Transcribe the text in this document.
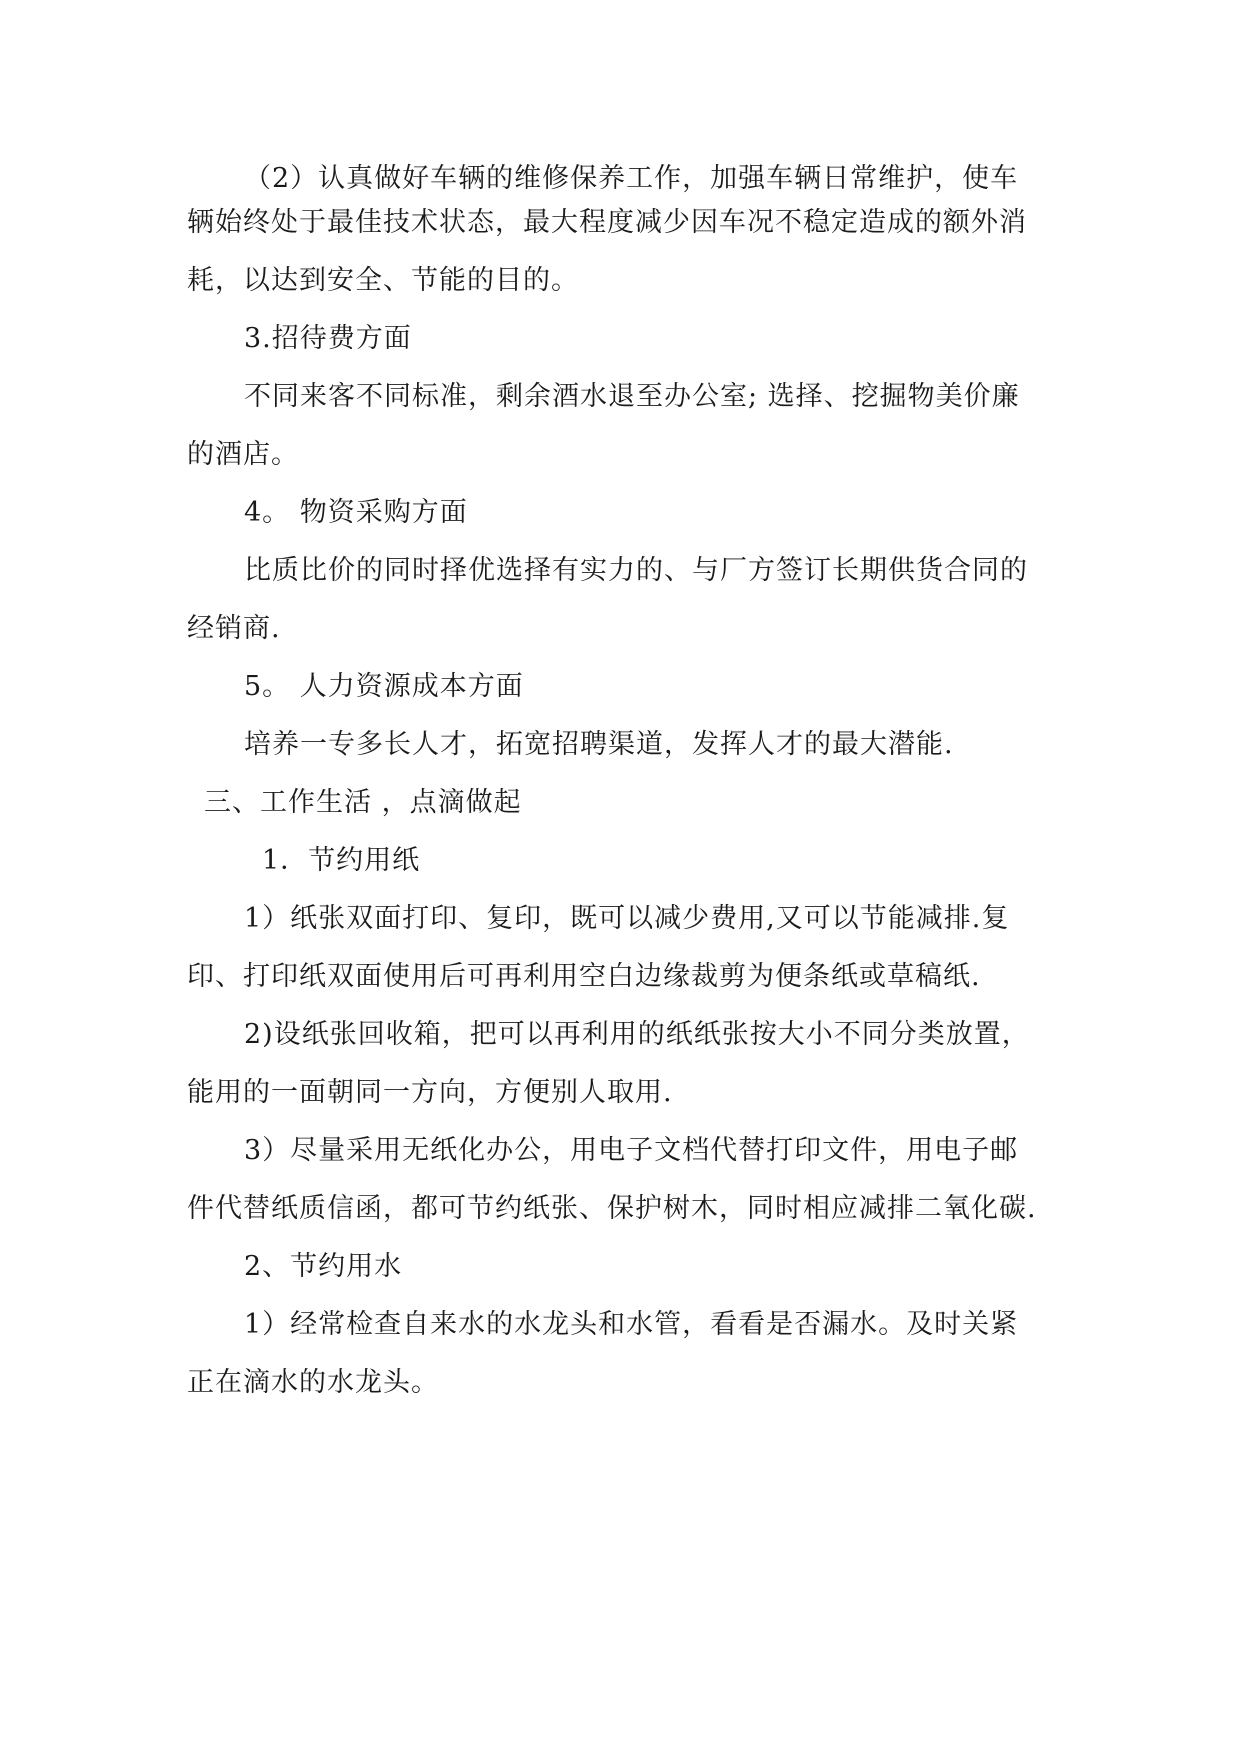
（2）认真做好车辆的维修保养工作，加强车辆日常维护，使车
辆始终处于最佳技术状态，最大程度减少因车况不稳定造成的额外消
耗，以达到安全、节能的目的。
3.招待费方面
不同来客不同标准，剩余酒水退至办公室; 选择、挖掘物美价廉
的酒店。
4。 物资采购方面
比质比价的同时择优选择有实力的、与厂方签订长期供货合同的
经销商.
5。 人力资源成本方面
培养一专多长人才，拓宽招聘渠道，发挥人才的最大潜能.
三、工作生活 ，点滴做起
1．节约用纸
1）纸张双面打印、复印，既可以减少费用,又可以节能减排.复
印、打印纸双面使用后可再利用空白边缘裁剪为便条纸或草稿纸.
2)设纸张回收箱，把可以再利用的纸纸张按大小不同分类放置，
能用的一面朝同一方向，方便别人取用.
3）尽量采用无纸化办公，用电子文档代替打印文件，用电子邮
件代替纸质信函，都可节约纸张、保护树木，同时相应减排二氧化碳.
2、节约用水
1）经常检查自来水的水龙头和水管，看看是否漏水。及时关紧
正在滴水的水龙头。
